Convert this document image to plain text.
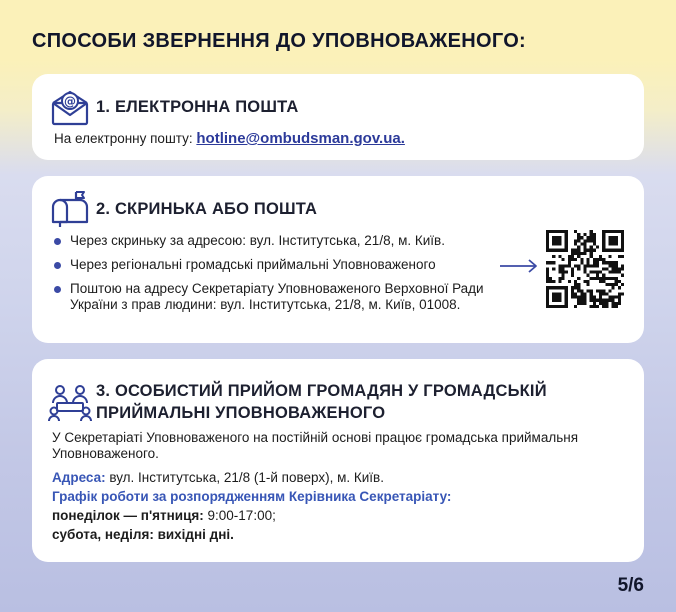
СПОСОБИ ЗВЕРНЕННЯ ДО УПОВНОВАЖЕНОГО:
@ 1. ЕЛЕКТРОННА ПОШТА
На електронну пошту: hotline@ombudsman.gov.ua.
2. СКРИНЬКА АБО ПОШТА
Через скриньку за адресою: вул. Інститутська, 21/8, м. Київ.
Через регіональні громадські приймальні Уповноваженого
Поштою на адресу Секретаріату Уповноваженого Верховної Ради України з прав людини: вул. Інститутська, 21/8, м. Київ, 01008.
3. ОСОБИСТИЙ ПРИЙОМ ГРОМАДЯН У ГРОМАДСЬКІЙ ПРИЙМАЛЬНІ УПОВНОВАЖЕНОГО
У Секретаріаті Уповноваженого на постійній основі працює громадська приймальня Уповноваженого.
Адреса: вул. Інститутська, 21/8 (1-й поверх), м. Київ.
Графік роботи за розпорядженням Керівника Секретаріату:
понеділок — п'ятниця: 9:00-17:00;
субота, неділя: вихідні дні.
5/6
